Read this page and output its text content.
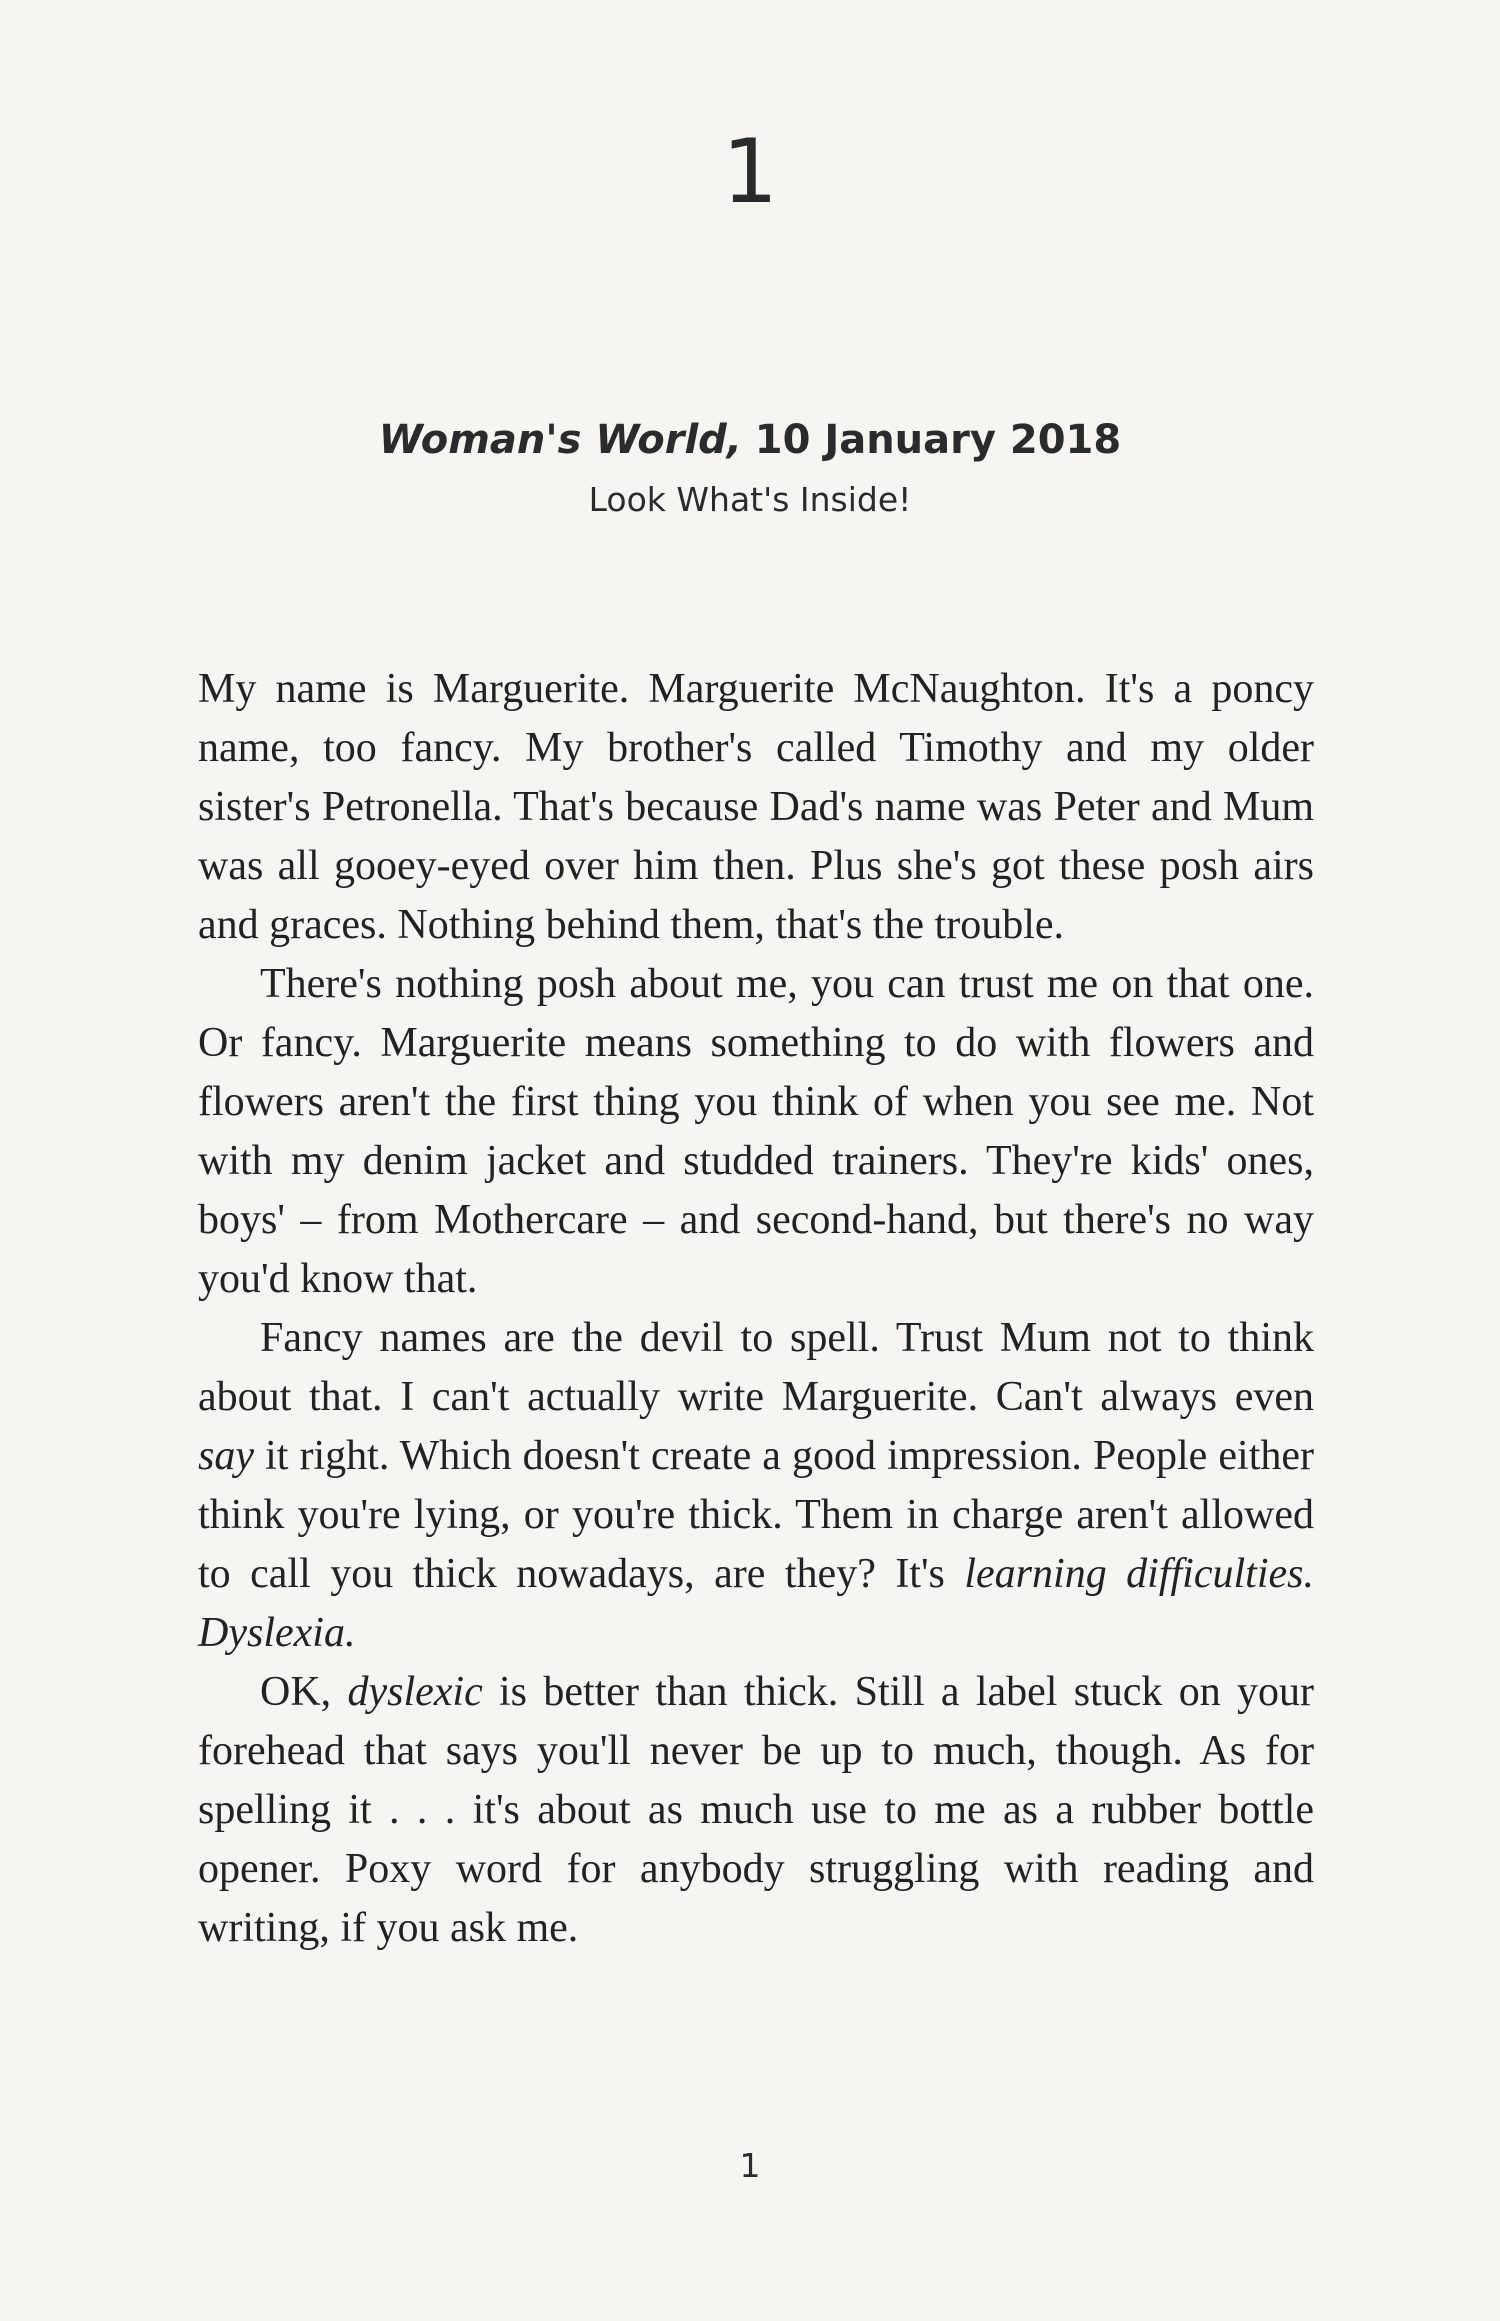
1
Woman's World, 10 January 2018
Look What's Inside!

My name is Marguerite. Marguerite McNaughton. It's a poncy name, too fancy. My brother's called Timothy and my older sister's Petronella. That's because Dad's name was Peter and Mum was all gooey-eyed over him then. Plus she's got these posh airs and graces. Nothing behind them, that's the trouble.

There's nothing posh about me, you can trust me on that one. Or fancy. Marguerite means something to do with flowers and flowers aren't the first thing you think of when you see me. Not with my denim jacket and studded trainers. They're kids' ones, boys' – from Mothercare – and second-hand, but there's no way you'd know that.

Fancy names are the devil to spell. Trust Mum not to think about that. I can't actually write Marguerite. Can't always even say it right. Which doesn't create a good impression. People either think you're lying, or you're thick. Them in charge aren't allowed to call you thick nowadays, are they? It's learning difficulties. Dyslexia.

OK, dyslexic is better than thick. Still a label stuck on your forehead that says you'll never be up to much, though. As for spelling it . . . it's about as much use to me as a rubber bottle opener. Poxy word for anybody struggling with reading and writing, if you ask me.

1
